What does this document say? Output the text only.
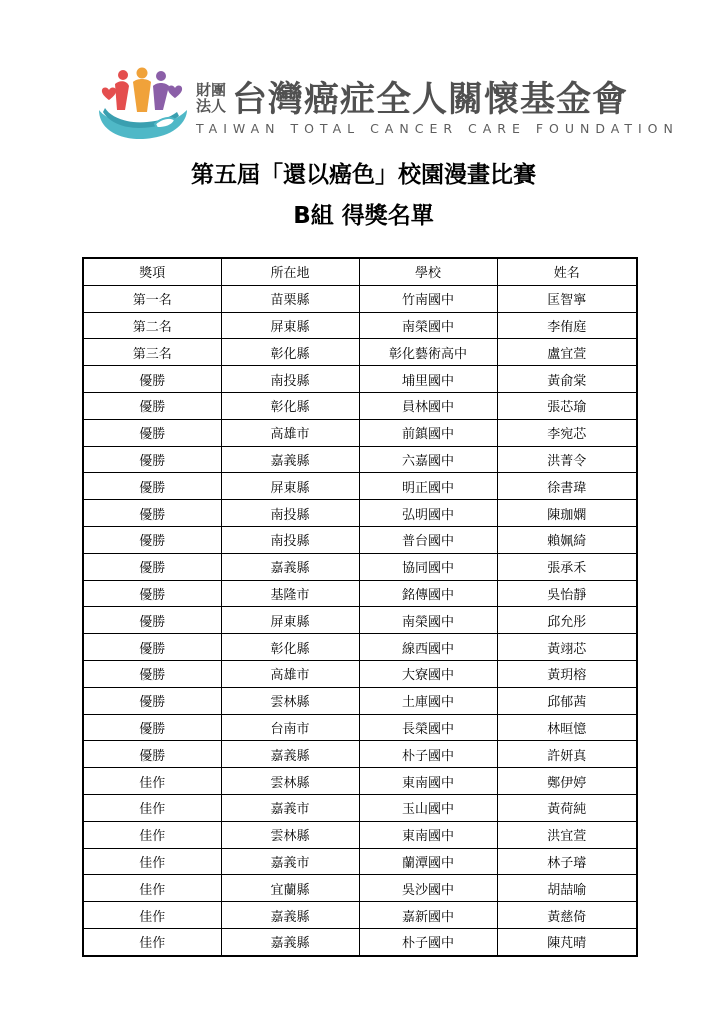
財團
法人 台灣癌症全人關懷基金會
TAIWAN TOTAL CANCER CARE FOUNDATION
第五屆「還以癌色」校園漫畫比賽
B組 得獎名單
獎項	所在地	學校	姓名
第一名	苗栗縣	竹南國中	匡智寧
第二名	屏東縣	南榮國中	李侑庭
第三名	彰化縣	彰化藝術高中	盧宜萱
優勝	南投縣	埔里國中	黃俞棠
優勝	彰化縣	員林國中	張芯瑜
優勝	高雄市	前鎮國中	李宛芯
優勝	嘉義縣	六嘉國中	洪菁令
優勝	屏東縣	明正國中	徐書瑋
優勝	南投縣	弘明國中	陳珈嫻
優勝	南投縣	普台國中	賴姵綺
優勝	嘉義縣	協同國中	張承禾
優勝	基隆市	銘傳國中	吳怡靜
優勝	屏東縣	南榮國中	邱允彤
優勝	彰化縣	線西國中	黃翊芯
優勝	高雄市	大寮國中	黃玥榕
優勝	雲林縣	土庫國中	邱郁茜
優勝	台南市	長榮國中	林晅憶
優勝	嘉義縣	朴子國中	許妍真
佳作	雲林縣	東南國中	鄭伊婷
佳作	嘉義市	玉山國中	黃荷純
佳作	雲林縣	東南國中	洪宜萱
佳作	嘉義市	蘭潭國中	林子璿
佳作	宜蘭縣	吳沙國中	胡喆喻
佳作	嘉義縣	嘉新國中	黃慈倚
佳作	嘉義縣	朴子國中	陳芃晴
